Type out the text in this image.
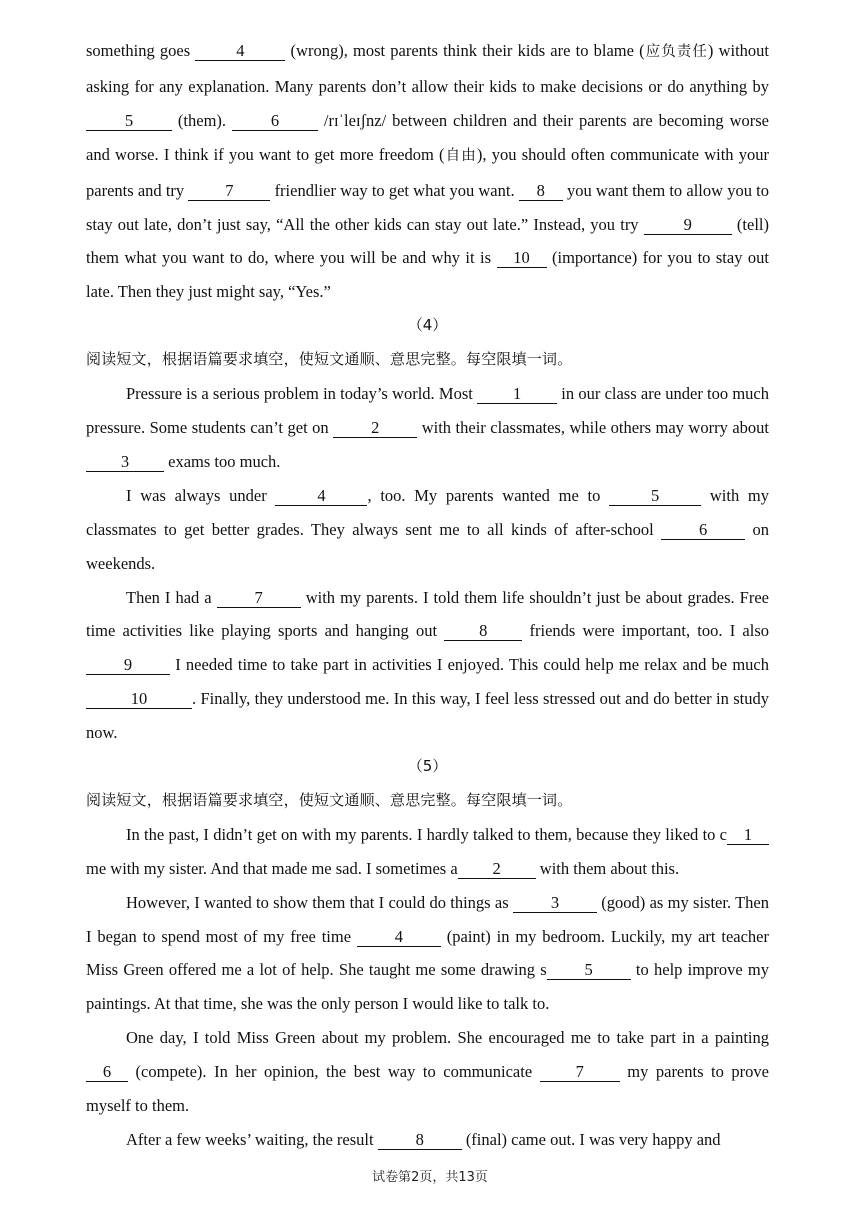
something goes 4 (wrong), most parents think their kids are to blame (应负责任) without asking for any explanation. Many parents don’t allow their kids to make decisions or do anything by 5 (them). 6 /rɪˈleɪʃnz/ between children and their parents are becoming worse and worse. I think if you want to get more freedom (自由), you should often communicate with your parents and try 7 friendlier way to get what you want. 8 you want them to allow you to stay out late, don’t just say, “All the other kids can stay out late.” Instead, you try 9 (tell) them what you want to do, where you will be and why it is 10 (importance) for you to stay out late. Then they just might say, “Yes.”

（4）

阅读短文，根据语篇要求填空，使短文通顺、意思完整。每空限填一词。

Pressure is a serious problem in today’s world. Most 1 in our class are under too much pressure. Some students can’t get on 2 with their classmates, while others may worry about 3 exams too much.

I was always under	4	, too. My parents wanted me to	5	with my classmates to get better grades. They always sent me to all kinds of after-school 6 on weekends.

Then I had a 7 with my parents. I told them life shouldn’t just be about grades. Free time activities like playing sports and hanging out 8 friends were important, too. I also 9 I needed time to take part in activities I enjoyed. This could help me relax and be much 10	. Finally, they understood me. In this way, I feel less stressed out and do better in study now.

（5）

阅读短文，根据语篇要求填空，使短文通顺、意思完整。每空限填一词。

In the past, I didn’t get on with my parents. I hardly talked to them, because they liked to c 1 me with my sister. And that made me sad. I sometimes a 2 with them about this.

However, I wanted to show them that I could do things as 3 (good) as my sister. Then I began to spend most of my free time 4 (paint) in my bedroom. Luckily, my art teacher Miss Green offered me a lot of help. She taught me some drawing s 5 to help improve my paintings. At that time, she was the only person I would like to talk to.

One day, I told Miss Green about my problem. She encouraged me to take part in a painting 6 (compete). In her opinion, the best way to communicate 7 my parents to prove myself to them.

After a few weeks’ waiting, the result 8 (final) came out. I was very happy and

试卷第2页，共13页
